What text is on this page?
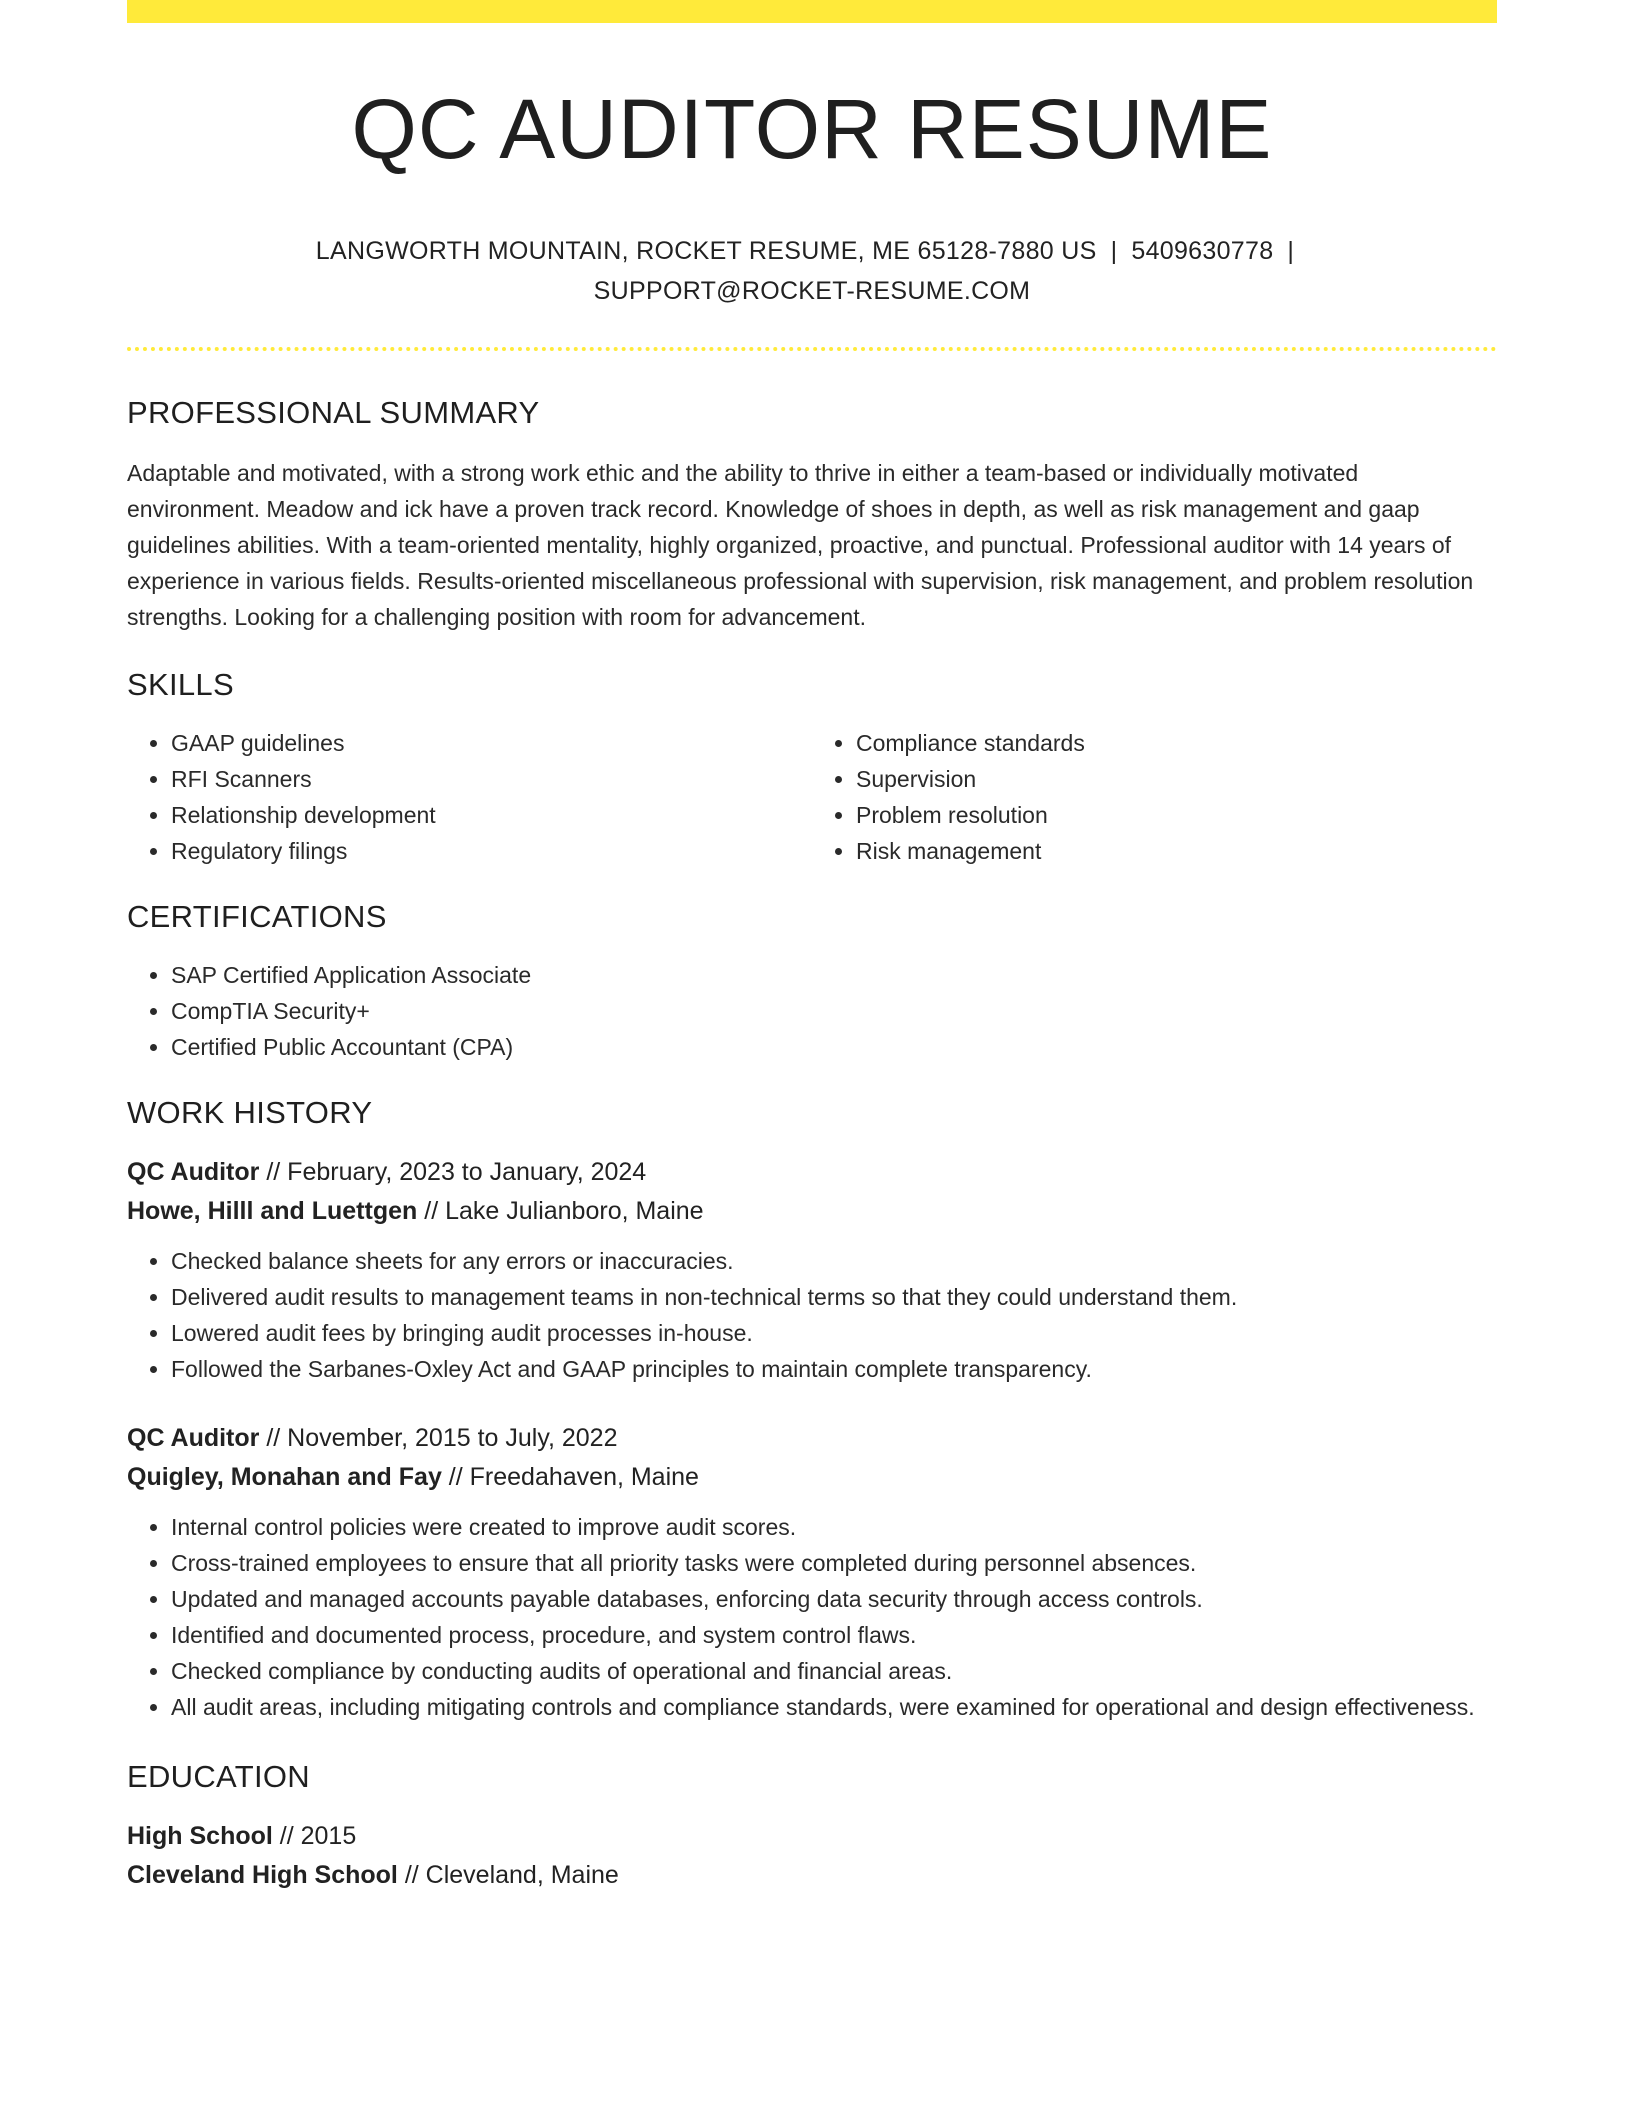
QC AUDITOR RESUME
LANGWORTH MOUNTAIN, ROCKET RESUME, ME 65128-7880 US | 5409630778 |
SUPPORT@ROCKET-RESUME.COM
PROFESSIONAL SUMMARY

Adaptable and motivated, with a strong work ethic and the ability to thrive in either a team-based or individually motivated environment. Meadow and ick have a proven track record. Knowledge of shoes in depth, as well as risk management and gaap guidelines abilities. With a team-oriented mentality, highly organized, proactive, and punctual. Professional auditor with 14 years of experience in various fields. Results-oriented miscellaneous professional with supervision, risk management, and problem resolution strengths. Looking for a challenging position with room for advancement.

SKILLS
• GAAP guidelines
• RFI Scanners
• Relationship development
• Regulatory filings
• Compliance standards
• Supervision
• Problem resolution
• Risk management
CERTIFICATIONS
• SAP Certified Application Associate
• CompTIA Security+
• Certified Public Accountant (CPA)
WORK HISTORY
QC Auditor // February, 2023 to January, 2024
Howe, Hilll and Luettgen // Lake Julianboro, Maine
• Checked balance sheets for any errors or inaccuracies.
• Delivered audit results to management teams in non-technical terms so that they could understand them.
• Lowered audit fees by bringing audit processes in-house.
• Followed the Sarbanes-Oxley Act and GAAP principles to maintain complete transparency.
QC Auditor // November, 2015 to July, 2022
Quigley, Monahan and Fay // Freedahaven, Maine
• Internal control policies were created to improve audit scores.
• Cross-trained employees to ensure that all priority tasks were completed during personnel absences.
• Updated and managed accounts payable databases, enforcing data security through access controls.
• Identified and documented process, procedure, and system control flaws.
• Checked compliance by conducting audits of operational and financial areas.
• All audit areas, including mitigating controls and compliance standards, were examined for operational and design effectiveness.
EDUCATION
High School // 2015
Cleveland High School // Cleveland, Maine
